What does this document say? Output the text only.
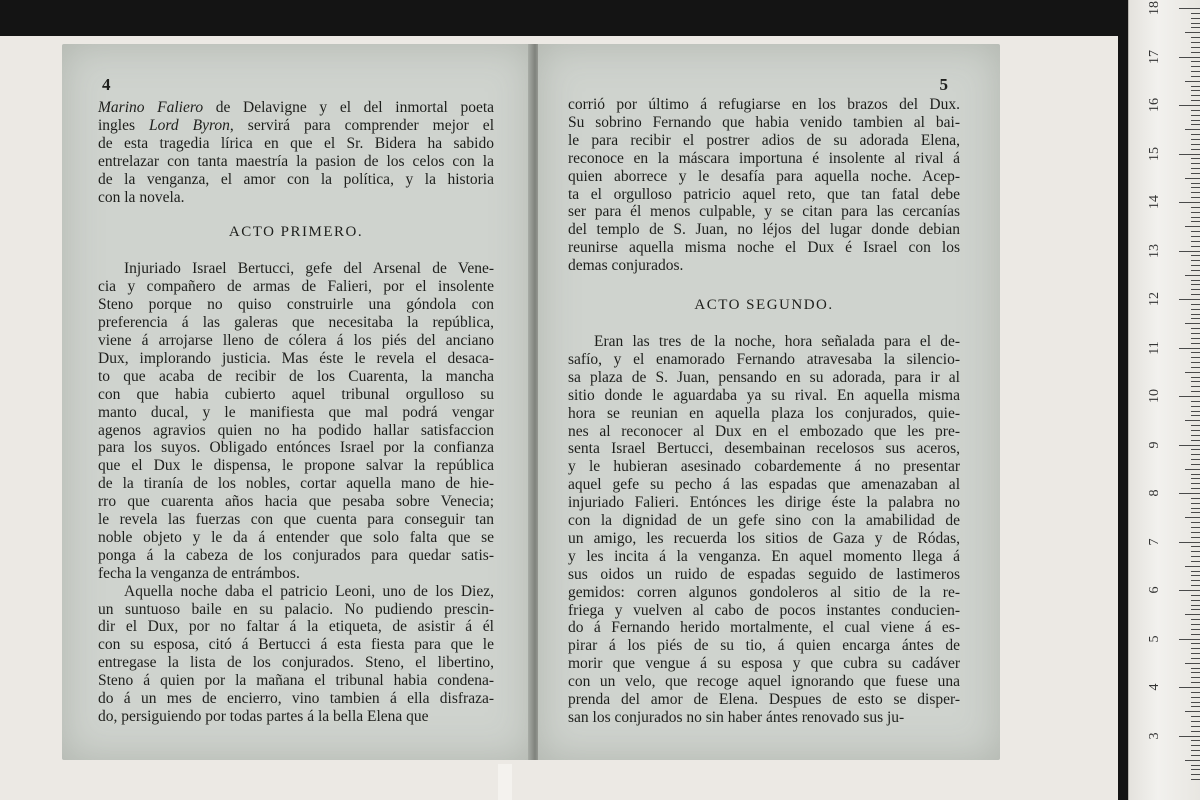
18
17
16
15
14
13
12
11
10
9
8
7
6
5
4
3
4

Marino Faliero de Delavigne y el del inmortal poeta
ingles Lord Byron, servirá para comprender mejor el
de esta tragedia lírica en que el Sr. Bidera ha sabido
entrelazar con tanta maestría la pasion de los celos con la
de la venganza, el amor con la política, y la historia
con la novela.

ACTO PRIMERO.

Injuriado Israel Bertucci, gefe del Arsenal de Vene-
cia y compañero de armas de Falieri, por el insolente
Steno porque no quiso construirle una góndola con
preferencia á las galeras que necesitaba la república,
viene á arrojarse lleno de cólera á los piés del anciano
Dux, implorando justicia. Mas éste le revela el desaca-
to que acaba de recibir de los Cuarenta, la mancha
con que habia cubierto aquel tribunal orgulloso su
manto ducal, y le manifiesta que mal podrá vengar
agenos agravios quien no ha podido hallar satisfaccion
para los suyos. Obligado entónces Israel por la confianza
que el Dux le dispensa, le propone salvar la república
de la tiranía de los nobles, cortar aquella mano de hie-
rro que cuarenta años hacia que pesaba sobre Venecia;
le revela las fuerzas con que cuenta para conseguir tan
noble objeto y le da á entender que solo falta que se
ponga á la cabeza de los conjurados para quedar satis-
fecha la venganza de entrámbos.

Aquella noche daba el patricio Leoni, uno de los Diez,
un suntuoso baile en su palacio. No pudiendo prescin-
dir el Dux, por no faltar á la etiqueta, de asistir á él
con su esposa, citó á Bertucci á esta fiesta para que le
entregase la lista de los conjurados. Steno, el libertino,
Steno á quien por la mañana el tribunal habia condena-
do á un mes de encierro, vino tambien á ella disfraza-
do, persiguiendo por todas partes á la bella Elena que

5

corrió por último á refugiarse en los brazos del Dux.
Su sobrino Fernando que habia venido tambien al bai-
le para recibir el postrer adios de su adorada Elena,
reconoce en la máscara importuna é insolente al rival á
quien aborrece y le desafía para aquella noche. Acep-
ta el orgulloso patricio aquel reto, que tan fatal debe
ser para él menos culpable, y se citan para las cercanías
del templo de S. Juan, no léjos del lugar donde debian
reunirse aquella misma noche el Dux é Israel con los
demas conjurados.

ACTO SEGUNDO.

Eran las tres de la noche, hora señalada para el de-
safío, y el enamorado Fernando atravesaba la silencio-
sa plaza de S. Juan, pensando en su adorada, para ir al
sitio donde le aguardaba ya su rival. En aquella misma
hora se reunian en aquella plaza los conjurados, quie-
nes al reconocer al Dux en el embozado que les pre-
senta Israel Bertucci, desembainan recelosos sus aceros,
y le hubieran asesinado cobardemente á no presentar
aquel gefe su pecho á las espadas que amenazaban al
injuriado Falieri. Entónces les dirige éste la palabra no
con la dignidad de un gefe sino con la amabilidad de
un amigo, les recuerda los sitios de Gaza y de Ródas,
y les incita á la venganza. En aquel momento llega á
sus oidos un ruido de espadas seguido de lastimeros
gemidos: corren algunos gondoleros al sitio de la re-
friega y vuelven al cabo de pocos instantes conducien-
do á Fernando herido mortalmente, el cual viene á es-
pirar á los piés de su tio, á quien encarga ántes de
morir que vengue á su esposa y que cubra su cadáver
con un velo, que recoge aquel ignorando que fuese una
prenda del amor de Elena. Despues de esto se disper-
san los conjurados no sin haber ántes renovado sus ju-
